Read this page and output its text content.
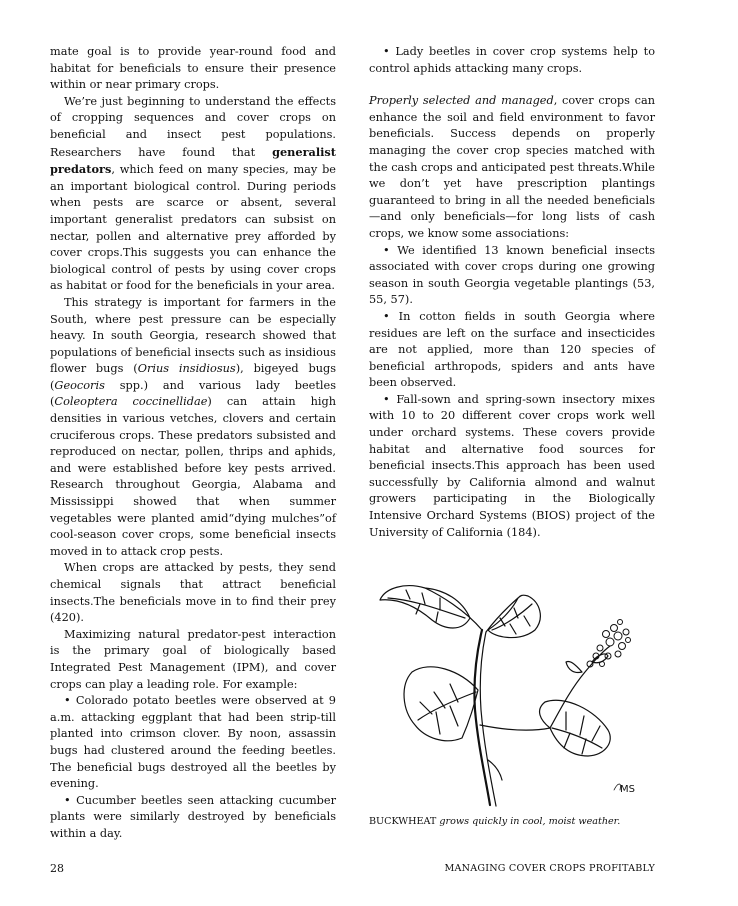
mate goal is to provide year-round food and habitat for beneficials to ensure their presence within or near primary crops.

We’re just beginning to understand the effects of cropping sequences and cover crops on beneficial and insect pest populations. Researchers have found that generalist predators, which feed on many species, may be an important biological control. During periods when pests are scarce or absent, several important generalist predators can subsist on nectar, pollen and alternative prey afforded by cover crops.This suggests you can enhance the biological control of pests by using cover crops as habitat or food for the beneficials in your area.

This strategy is important for farmers in the South, where pest pressure can be especially heavy. In south Georgia, research showed that populations of beneficial insects such as insidious flower bugs (Orius insidiosus), bigeyed bugs (Geocoris spp.) and various lady beetles (Coleoptera coccinellidae) can attain high densities in various vetches, clovers and certain cruciferous crops. These predators subsisted and reproduced on nectar, pollen, thrips and aphids, and were established before key pests arrived. Research throughout Georgia, Alabama and Mississippi showed that when summer vegetables were planted amid“dying mulches”of cool-season cover crops, some beneficial insects moved in to attack crop pests.

When crops are attacked by pests, they send chemical signals that attract beneficial insects.The beneficials move in to find their prey (420).

Maximizing natural predator-pest interaction is the primary goal of biologically based Integrated Pest Management (IPM), and cover crops can play a leading role. For example:

• Colorado potato beetles were observed at 9 a.m. attacking eggplant that had been strip-till planted into crimson clover. By noon, assassin bugs had clustered around the feeding beetles. The beneficial bugs destroyed all the beetles by evening.

• Cucumber beetles seen attacking cucumber plants were similarly destroyed by beneficials within a day.

• Lady beetles in cover crop systems help to control aphids attacking many crops.

Properly selected and managed, cover crops can enhance the soil and field environment to favor beneficials. Success depends on properly managing the cover crop species matched with the cash crops and anticipated pest threats.While we don’t yet have prescription plantings guaranteed to bring in all the needed beneficials—and only beneficials—for long lists of cash crops, we know some associations:

• We identified 13 known beneficial insects associated with cover crops during one growing season in south Georgia vegetable plantings (53, 55, 57).

• In cotton fields in south Georgia where residues are left on the surface and insecticides are not applied, more than 120 species of beneficial arthropods, spiders and ants have been observed.

• Fall-sown and spring-sown insectory mixes with 10 to 20 different cover crops work well under orchard systems. These covers provide habitat and alternative food sources for beneficial insects.This approach has been used successfully by California almond and walnut growers participating in the Biologically Intensive Orchard Systems (BIOS) project of the University of California (184).

MS
BUCKWHEAT grows quickly in cool, moist weather.
28	MANAGING COVER CROPS PROFITABLY
